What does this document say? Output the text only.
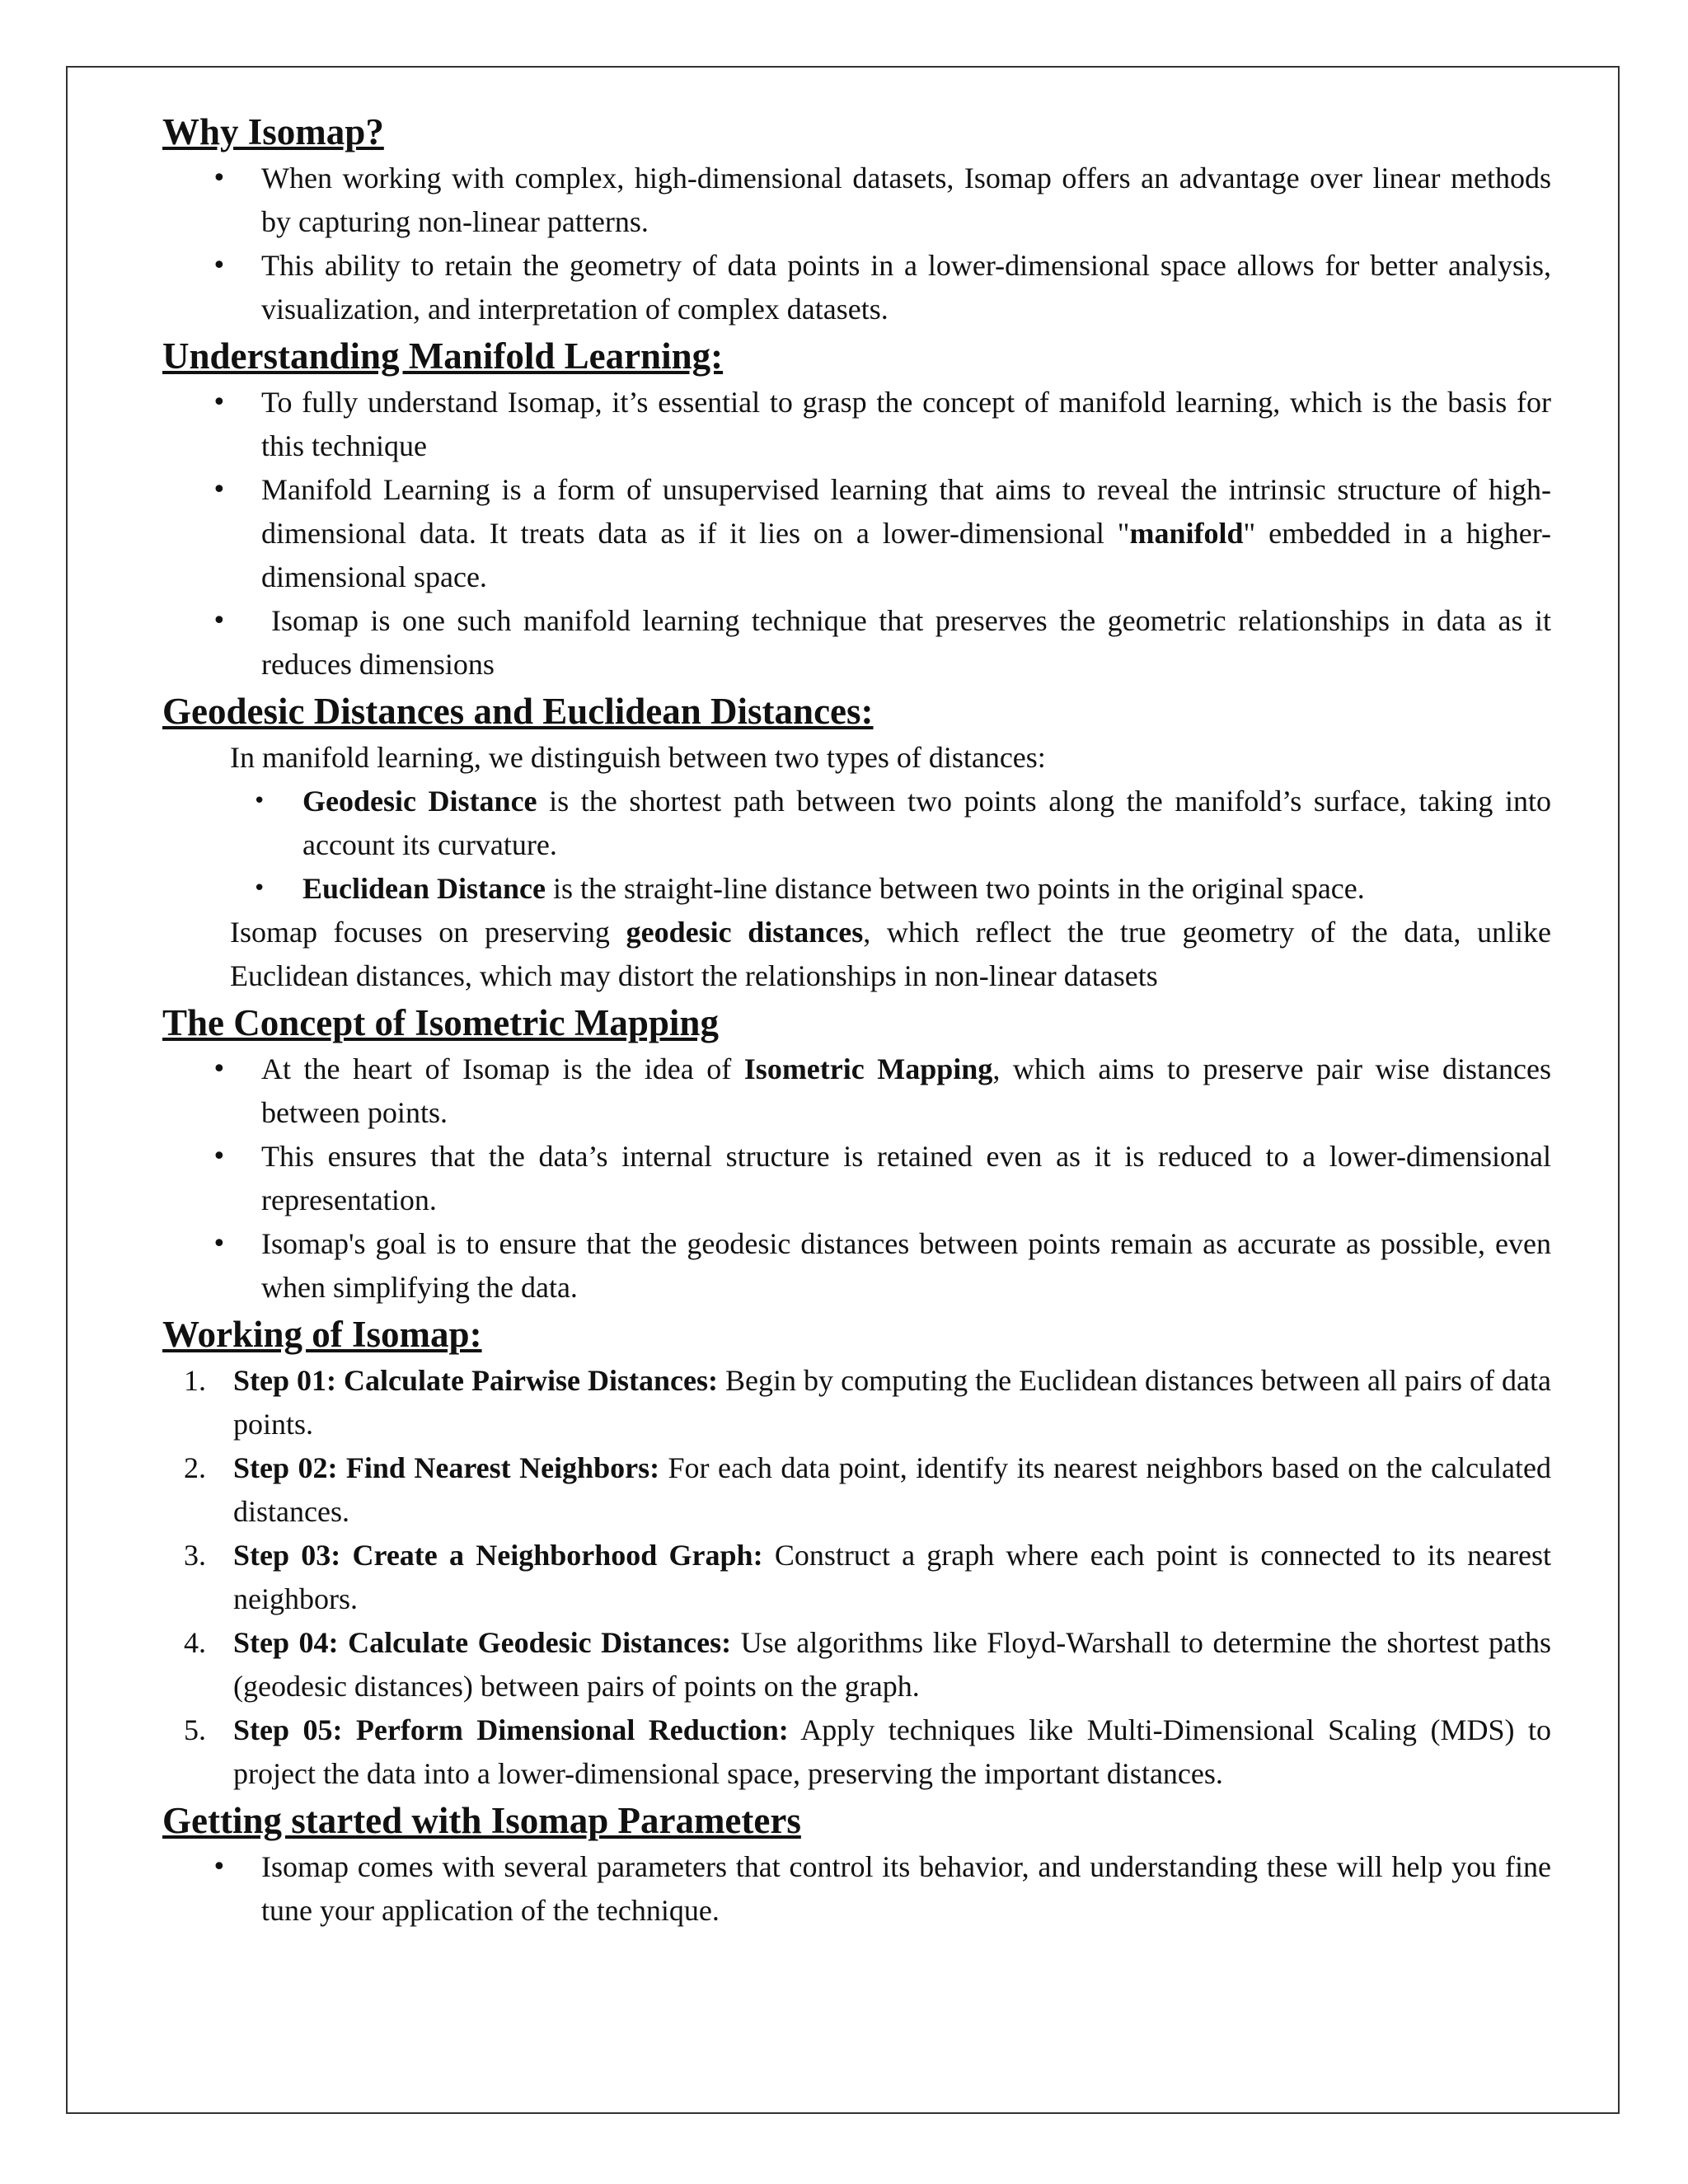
Why Isomap?
• When working with complex, high-dimensional datasets, Isomap offers an advantage over linear methods by capturing non-linear patterns.
• This ability to retain the geometry of data points in a lower-dimensional space allows for better analysis, visualization, and interpretation of complex datasets.
Understanding Manifold Learning:
• To fully understand Isomap, it’s essential to grasp the concept of manifold learning, which is the basis for this technique
• Manifold Learning is a form of unsupervised learning that aims to reveal the intrinsic structure of high-dimensional data. It treats data as if it lies on a lower-dimensional "manifold" embedded in a higher-dimensional space.
• Isomap is one such manifold learning technique that preserves the geometric relationships in data as it reduces dimensions
Geodesic Distances and Euclidean Distances:

In manifold learning, we distinguish between two types of distances:

• Geodesic Distance is the shortest path between two points along the manifold’s surface, taking into account its curvature.
• Euclidean Distance is the straight-line distance between two points in the original space.

Isomap focuses on preserving geodesic distances, which reflect the true geometry of the data, unlike Euclidean distances, which may distort the relationships in non-linear datasets

The Concept of Isometric Mapping
• At the heart of Isomap is the idea of Isometric Mapping, which aims to preserve pair wise distances between points.
• This ensures that the data’s internal structure is retained even as it is reduced to a lower-dimensional representation.
• Isomap's goal is to ensure that the geodesic distances between points remain as accurate as possible, even when simplifying the data.
Working of Isomap:
1. Step 01: Calculate Pairwise Distances: Begin by computing the Euclidean distances between all pairs of data points.
2. Step 02: Find Nearest Neighbors: For each data point, identify its nearest neighbors based on the calculated distances.
3. Step 03: Create a Neighborhood Graph: Construct a graph where each point is connected to its nearest neighbors.
4. Step 04: Calculate Geodesic Distances: Use algorithms like Floyd-Warshall to determine the shortest paths (geodesic distances) between pairs of points on the graph.
5. Step 05: Perform Dimensional Reduction: Apply techniques like Multi-Dimensional Scaling (MDS) to project the data into a lower-dimensional space, preserving the important distances.
Getting started with Isomap Parameters
• Isomap comes with several parameters that control its behavior, and understanding these will help you fine tune your application of the technique.
